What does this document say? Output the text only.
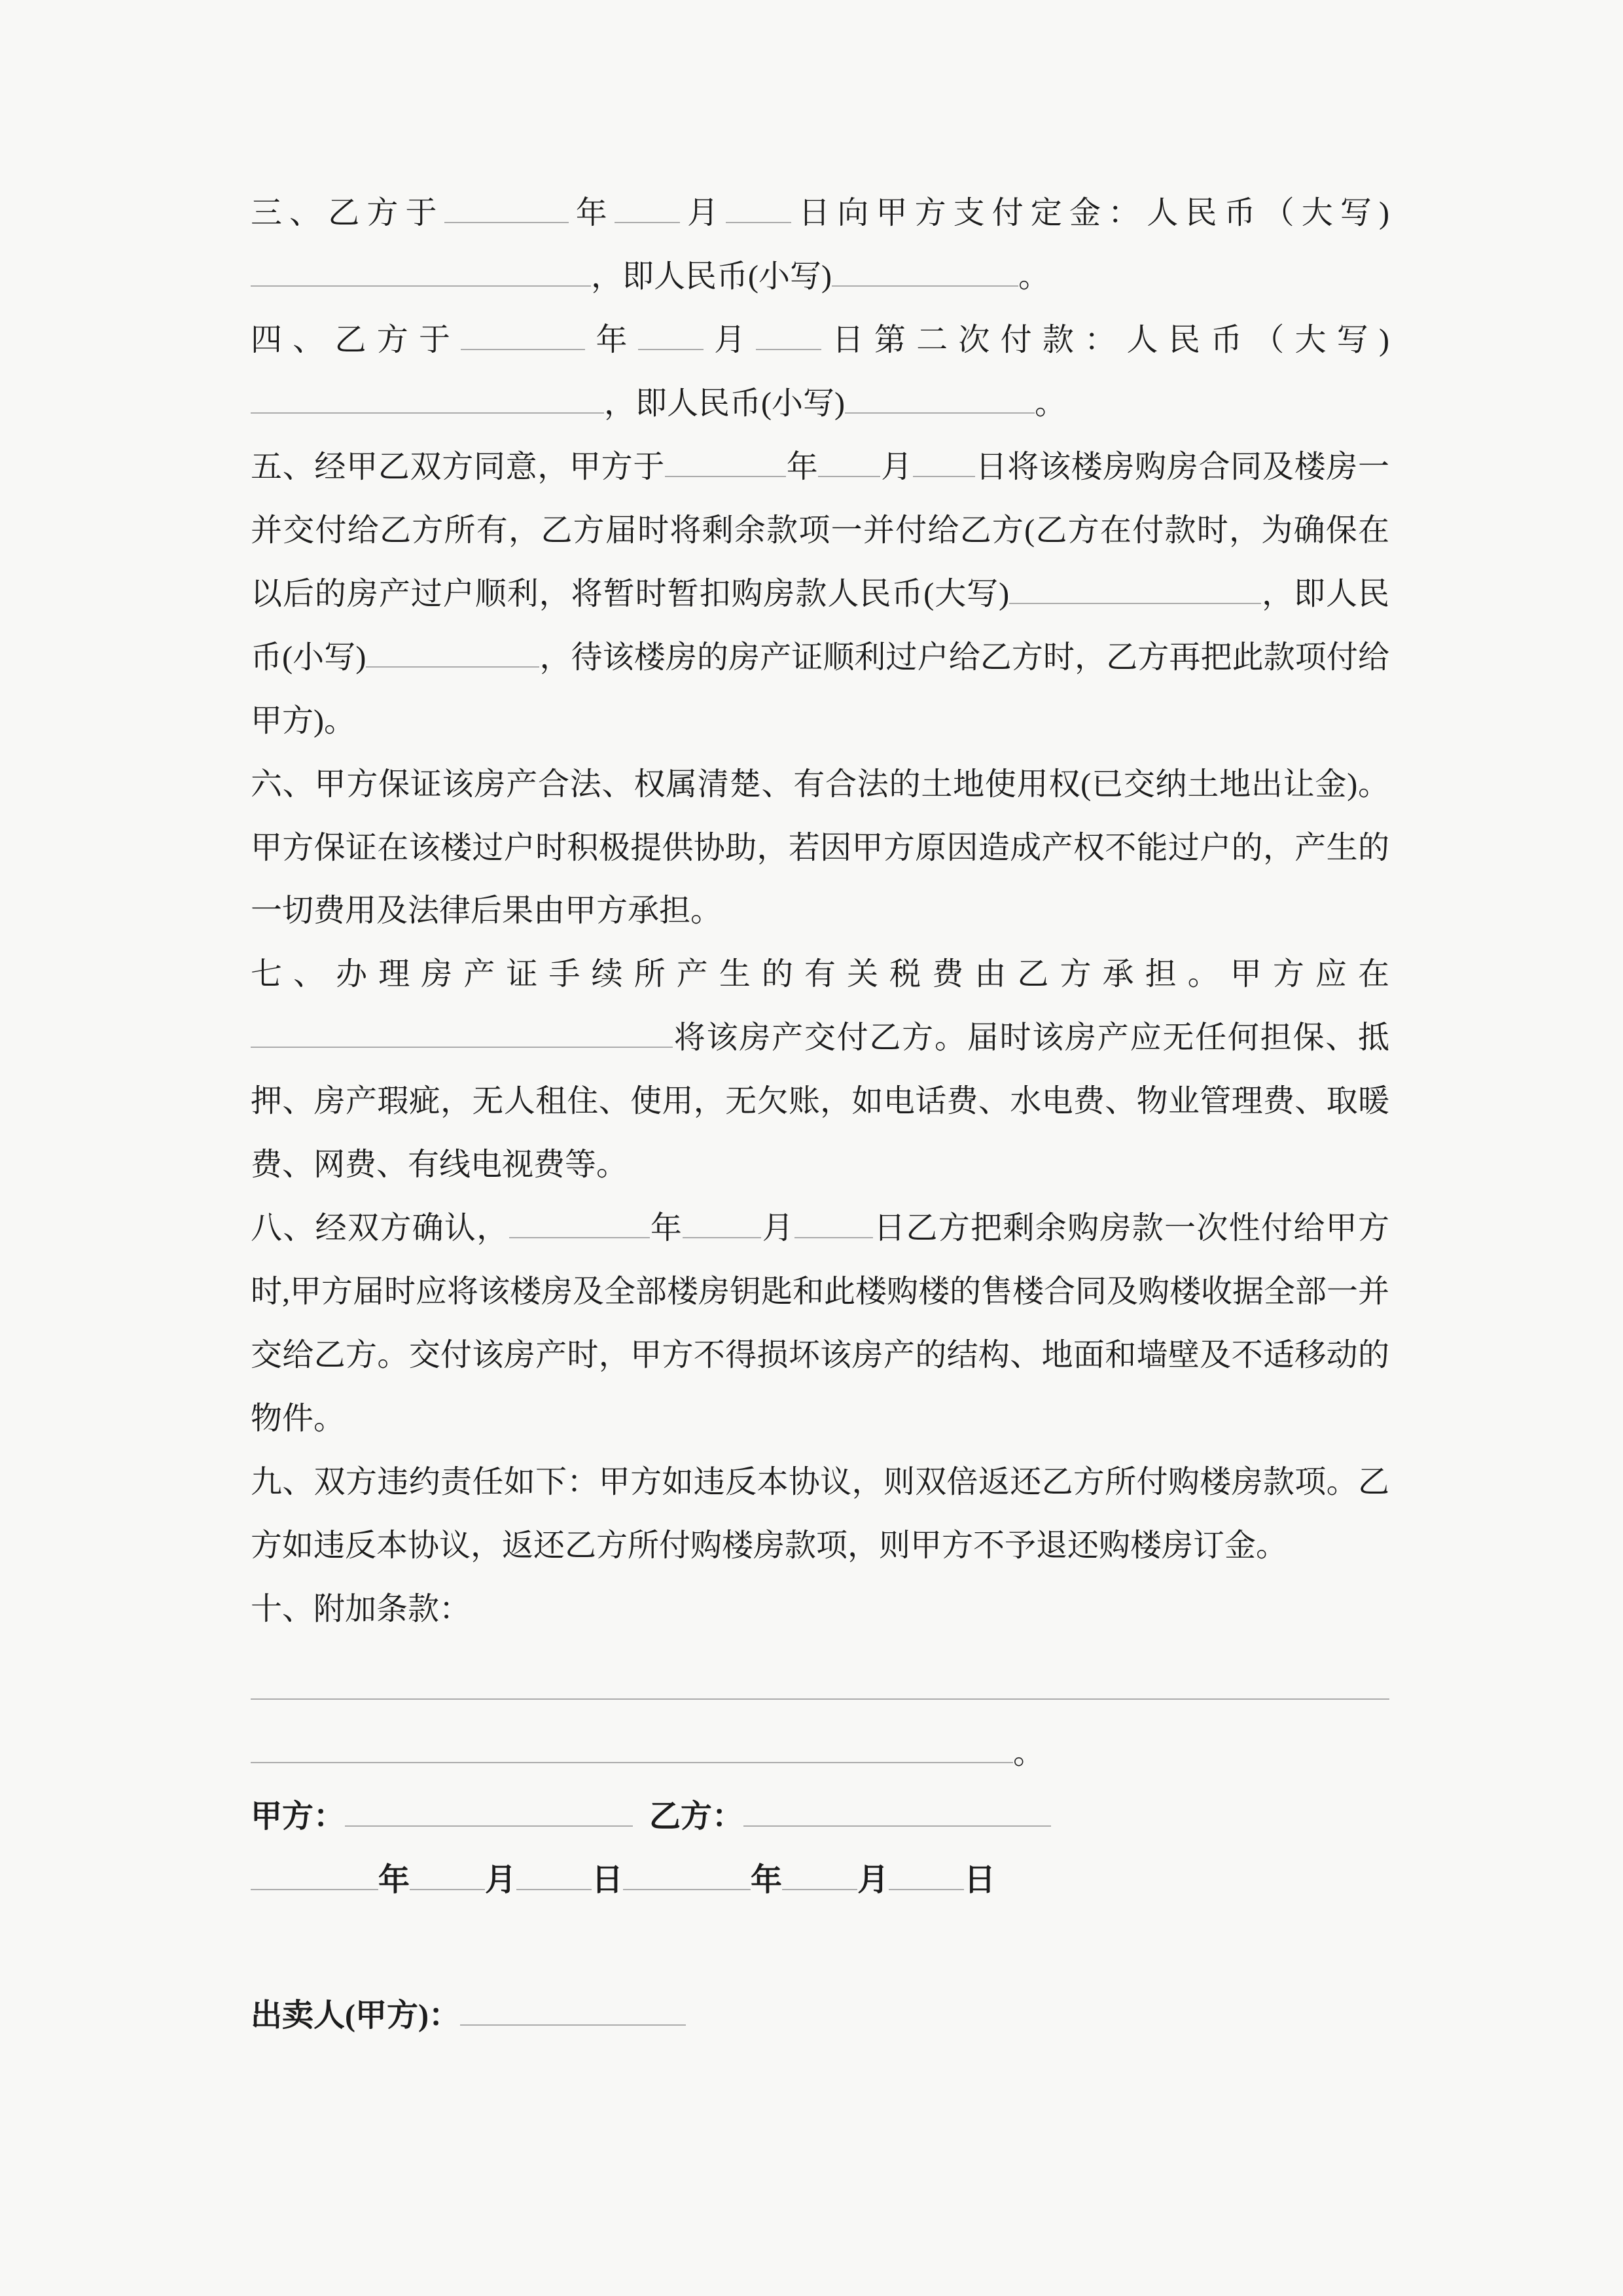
三、乙方于	年 月 日向甲方支付定金：人民币（大写)，即人民币(小写)	。
四、乙方于	年 月 日第二次付款：人民币（大写)，即人民币(小写)	。
五、经甲乙双方同意，甲方于	年 月 日将该楼房购房合同及楼房一并交付给乙方所有，乙方届时将剩余款项一并付给乙方(乙方在付款时，为确保在以后的房产过户顺利，将暂时暂扣购房款人民币(大写)	，即人民币(小写)	，待该楼房的房产证顺利过户给乙方时，乙方再把此款项付给甲方)。
六、甲方保证该房产合法、权属清楚、有合法的土地使用权(已交纳土地出让金)。甲方保证在该楼过户时积极提供协助，若因甲方原因造成产权不能过户的，产生的一切费用及法律后果由甲方承担。
七、办理房产证手续所产生的有关税费由乙方承担。甲方应在将该房产交付乙方。届时该房产应无任何担保、抵押、房产瑕疵，无人租住、使用，无欠账，如电话费、水电费、物业管理费、取暖费、网费、有线电视费等。
八、经双方确认，	年	月	日乙方把剩余购房款一次性付给甲方时,甲方届时应将该楼房及全部楼房钥匙和此楼购楼的售楼合同及购楼收据全部一并交给乙方。交付该房产时，甲方不得损坏该房产的结构、地面和墙壁及不适移动的物件。
九、双方违约责任如下：甲方如违反本协议，则双倍返还乙方所付购楼房款项。乙方如违反本协议，返还乙方所付购楼房款项，则甲方不予退还购楼房订金。
十、附加条款：
。
甲方：	乙方：
年 月 日	年 月 日
出卖人(甲方)：
